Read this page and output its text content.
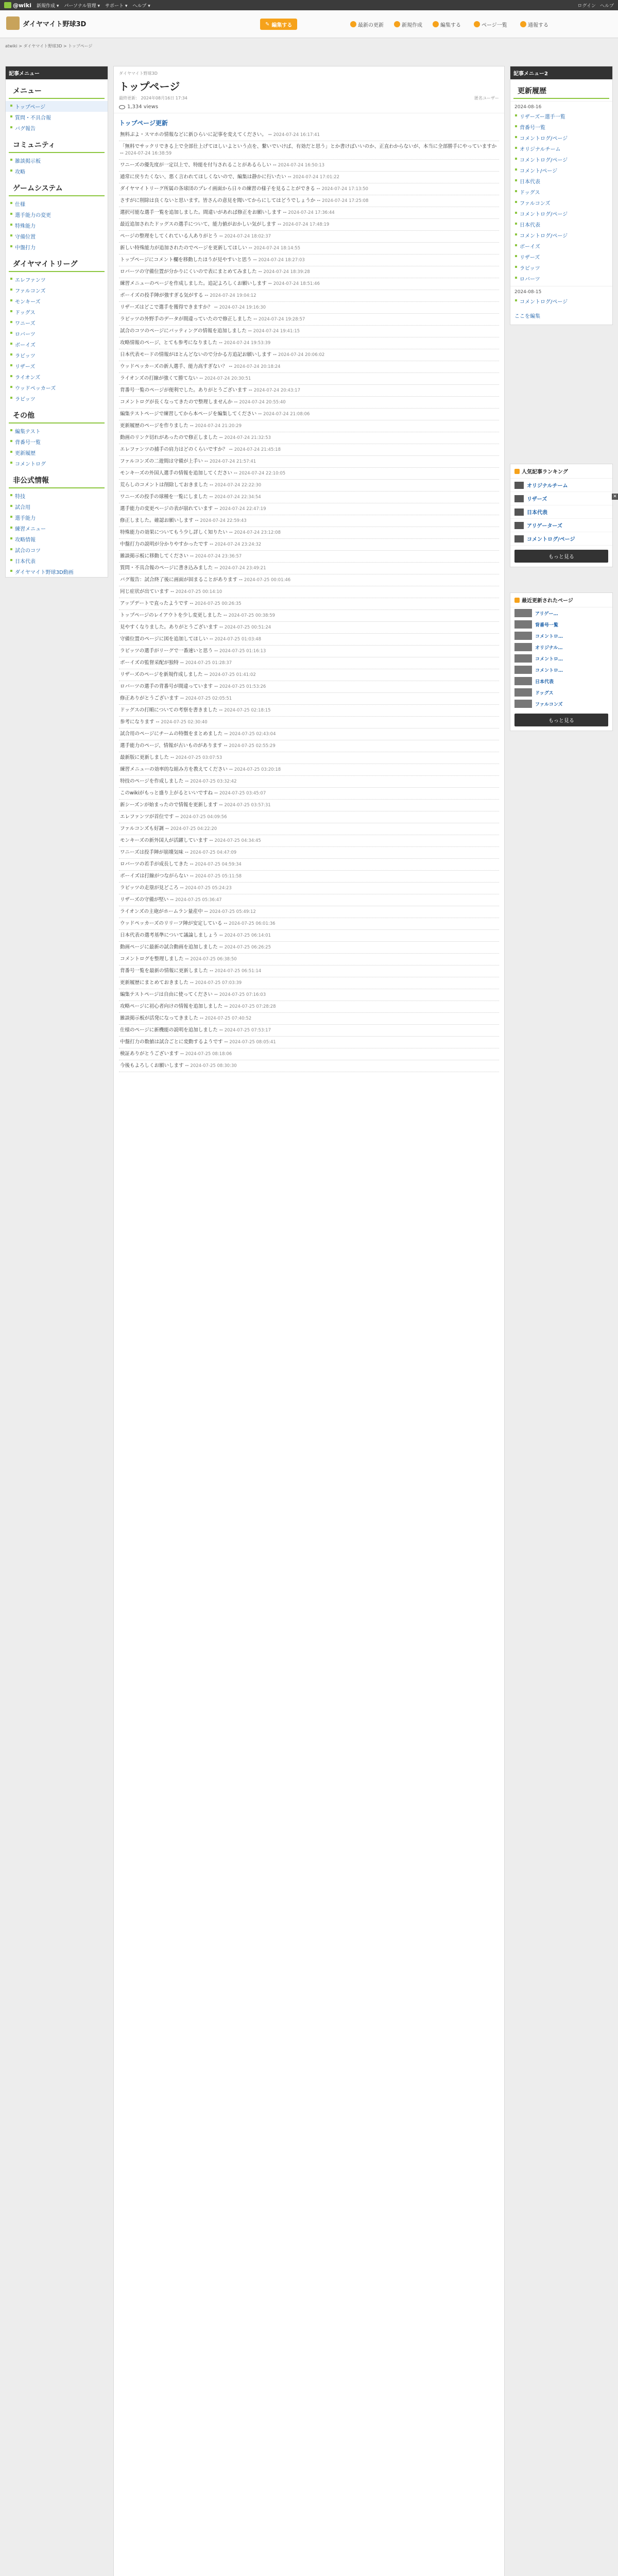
@wiki 新規作成 ▾ パーソナル管理 ▾ サポート ▾ ヘルプ ▾	ログイン ヘルプ
ダイヤマイト野球3D	✎ 編集する	最新の更新	新規作成	編集する	ページ一覧	通報する
atwiki > ダイヤマイト野球3D > トップページ
記事メニュー
メニュー
トップページ
質問・不具合報
バグ報告
コミュニティ
雑談掲示板
攻略
ゲームシステム
仕様
選手能力の変更
特殊能力
守備位置
中盤打力
ダイヤマイトリーグ
エレファンツ
ファルコンズ
モンキーズ
ドッグス
ワニーズ
ロバーツ
ボーイズ
ラビッツ
リザーズ
ライオンズ
ウッドペッカーズ
ラビッツ
その他
編集テスト
背番号一覧
更新履歴
コメントログ
非公式情報
特技
試合用
選手能力
練習メニュー
攻略情報
試合のコツ
日本代表
ダイヤマイト野球3D動画
ダイヤマイト野球3D
トップページ
最終更新： 2024年08月16日 17:34	匿名ユーザー
1,334 views
トップページ更新
無料ぷよ・スマホの情報などに新ひらいに記事を変えてください。 -- 2024-07-24 16:17:41
「無料でサックリできる上で全部仕上げてほしいよという点を、繋いでいけば、有効だと思う」とか書けばいいのか、正直わからないが、本当に全部勝手にやっていますか -- 2024-07-24 16:38:59
ワニーズの優先度が一定以上で、特能を付与されることがあるらしい -- 2024-07-24 16:50:13
通常に戻りたくない、悪く言われてほしくないので、編集は静かに行いたい -- 2024-07-24 17:01:22
ダイヤマイトリーグ所属の各球団のプレイ画面から日々の練習の様子を見ることができる -- 2024-07-24 17:13:50
さすがに削除は良くないと思います。皆さんの意見を聞いてからにしてはどうでしょうか -- 2024-07-24 17:25:08
選択可能な選手一覧を追加しました。間違いがあれば修正をお願いします -- 2024-07-24 17:36:44
最近追加されたドッグスの選手について、能力値がおかしい気がします -- 2024-07-24 17:48:19
ページの整理をしてくれている人ありがとう -- 2024-07-24 18:02:37
新しい特殊能力が追加されたのでページを更新してほしい -- 2024-07-24 18:14:55
トップページにコメント欄を移動したほうが見やすいと思う -- 2024-07-24 18:27:03
ロバーツの守備位置が分かりにくいので表にまとめてみました -- 2024-07-24 18:39:28
練習メニューのページを作成しました。追記よろしくお願いします -- 2024-07-24 18:51:46
ボーイズの投手陣が強すぎる気がする -- 2024-07-24 19:04:12
リザーズはどこで選手を獲得できますか？ -- 2024-07-24 19:16:30
ラビッツの外野手のデータが間違っていたので修正しました -- 2024-07-24 19:28:57
試合のコツのページにバッティングの情報を追加しました -- 2024-07-24 19:41:15
攻略情報のページ、とても参考になりました -- 2024-07-24 19:53:39
日本代表モードの情報がほとんどないので分かる方追記お願いします -- 2024-07-24 20:06:02
ウッドペッカーズの新人選手、能力高すぎない？ -- 2024-07-24 20:18:24
ライオンズの打線が強くて勝てない -- 2024-07-24 20:30:51
背番号一覧のページが便利でした。ありがとうございます -- 2024-07-24 20:43:17
コメントログが長くなってきたので整理しませんか -- 2024-07-24 20:55:40
編集テストページで練習してから本ページを編集してください -- 2024-07-24 21:08:06
更新履歴のページを作りました -- 2024-07-24 21:20:29
動画のリンク切れがあったので修正しました -- 2024-07-24 21:32:53
エレファンツの捕手の肩力はどのくらいですか？ -- 2024-07-24 21:45:18
ファルコンズの二遊間は守備が上手い -- 2024-07-24 21:57:41
モンキーズの外国人選手の情報を追加してください -- 2024-07-24 22:10:05
荒らしのコメントは削除しておきました -- 2024-07-24 22:22:30
ワニーズの投手の球種を一覧にしました -- 2024-07-24 22:34:54
選手能力の変更ページの表が崩れています -- 2024-07-24 22:47:19
修正しました。確認お願いします -- 2024-07-24 22:59:43
特殊能力の効果についてもう少し詳しく知りたい -- 2024-07-24 23:12:08
中盤打力の説明が分かりやすかったです -- 2024-07-24 23:24:32
雑談掲示板に移動してください -- 2024-07-24 23:36:57
質問・不具合報のページに書き込みました -- 2024-07-24 23:49:21
バグ報告：試合終了後に画面が固まることがあります -- 2024-07-25 00:01:46
同じ症状が出ています -- 2024-07-25 00:14:10
アップデートで直ったようです -- 2024-07-25 00:26:35
トップページのレイアウトを少し変更しました -- 2024-07-25 00:38:59
見やすくなりました。ありがとうございます -- 2024-07-25 00:51:24
守備位置のページに図を追加してほしい -- 2024-07-25 01:03:48
ラビッツの選手がリーグで一番速いと思う -- 2024-07-25 01:16:13
ボーイズの監督采配が独特 -- 2024-07-25 01:28:37
リザーズのページを新規作成しました -- 2024-07-25 01:41:02
ロバーツの選手の背番号が間違っています -- 2024-07-25 01:53:26
修正ありがとうございます -- 2024-07-25 02:05:51
ドッグスの打順についての考察を書きました -- 2024-07-25 02:18:15
参考になります -- 2024-07-25 02:30:40
試合用のページにチームの特徴をまとめました -- 2024-07-25 02:43:04
選手能力のページ、情報が古いものがあります -- 2024-07-25 02:55:29
最新版に更新しました -- 2024-07-25 03:07:53
練習メニューの効率的な組み方を教えてください -- 2024-07-25 03:20:18
特技のページを作成しました -- 2024-07-25 03:32:42
このwikiがもっと盛り上がるといいですね -- 2024-07-25 03:45:07
新シーズンが始まったので情報を更新します -- 2024-07-25 03:57:31
エレファンツが首位です -- 2024-07-25 04:09:56
ファルコンズも好調 -- 2024-07-25 04:22:20
モンキーズの新外国人が活躍しています -- 2024-07-25 04:34:45
ワニーズは投手陣が崩壊気味 -- 2024-07-25 04:47:09
ロバーツの若手が成長してきた -- 2024-07-25 04:59:34
ボーイズは打線がつながらない -- 2024-07-25 05:11:58
ラビッツの走塁が見どころ -- 2024-07-25 05:24:23
リザーズの守備が堅い -- 2024-07-25 05:36:47
ライオンズの主砲がホームラン量産中 -- 2024-07-25 05:49:12
ウッドペッカーズのリリーフ陣が安定している -- 2024-07-25 06:01:36
日本代表の選考基準について議論しましょう -- 2024-07-25 06:14:01
動画ページに最新の試合動画を追加しました -- 2024-07-25 06:26:25
コメントログを整理しました -- 2024-07-25 06:38:50
背番号一覧を最新の情報に更新しました -- 2024-07-25 06:51:14
更新履歴にまとめておきました -- 2024-07-25 07:03:39
編集テストページは自由に使ってください -- 2024-07-25 07:16:03
攻略ページに初心者向けの情報を追加しました -- 2024-07-25 07:28:28
雑談掲示板が活発になってきました -- 2024-07-25 07:40:52
仕様のページに新機能の説明を追加しました -- 2024-07-25 07:53:17
中盤打力の数値は試合ごとに変動するようです -- 2024-07-25 08:05:41
検証ありがとうございます -- 2024-07-25 08:18:06
今後もよろしくお願いします -- 2024-07-25 08:30:30
記事メニュー2
更新履歴
2024-08-16
リザーズー選手一覧
背番号一覧
コメントログ/ページ
オリジナルチーム
コメントログ/ページ
コメント/ページ
日本代表
ドッグス
ファルコンズ
コメントログ/ページ
日本代表
コメントログ/ページ
ボーイズ
リザーズ
ラビッツ
ロバーツ
2024-08-15
コメントログ/ページ
ここを編集
人気記事ランキング
オリジナルチーム
リザーズ
日本代表
アリゲーターズ
コメントログ/ページ
もっと見る
最近更新されたページ
アリゲー…
背番号一覧
コメントロ…
オリジナル…
コメントロ…
コメントロ…
日本代表
ドッグス
ファルコンズ
もっと見る
✕
